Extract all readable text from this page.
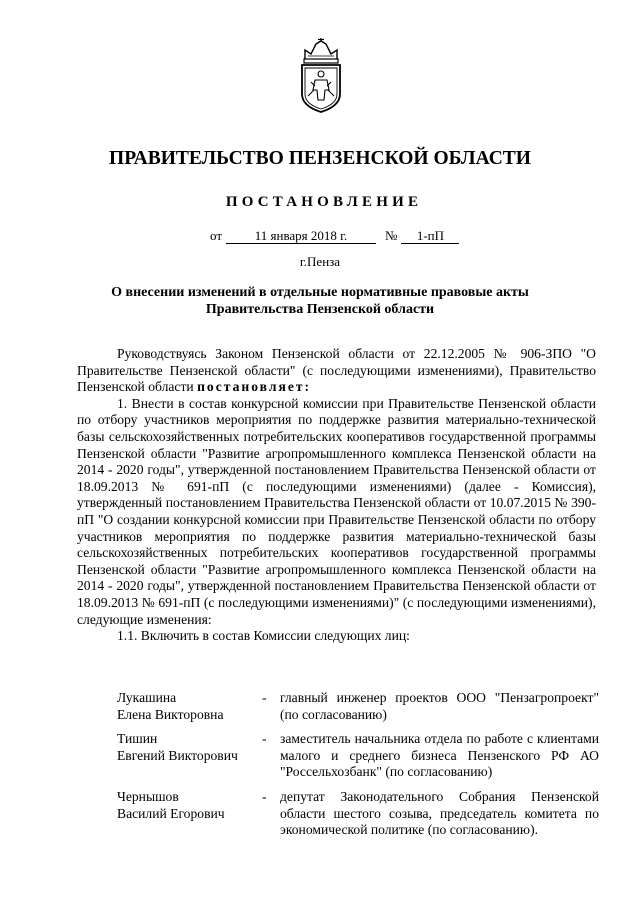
ПРАВИТЕЛЬСТВО ПЕНЗЕНСКОЙ ОБЛАСТИ
ПОСТАНОВЛЕНИЕ
от	11 января 2018 г.	№ 1-пП
г.Пенза
О внесении изменений в отдельные нормативные правовые акты
Правительства Пензенской области

Руководствуясь Законом Пензенской области от 22.12.2005 № 906-ЗПО "О Правительстве Пензенской области" (с последующими изменениями), Правительство Пензенской области постановляет:

1. Внести в состав конкурсной комиссии при Правительстве Пензенской области по отбору участников мероприятия по поддержке развития материально-технической базы сельскохозяйственных потребительских кооперативов государственной программы Пензенской области "Развитие агропромышленного комплекса Пензенской области на 2014 - 2020 годы", утвержденной постановлением Правительства Пензенской области от 18.09.2013 № 691-пП (с последующими изменениями) (далее - Комиссия), утвержденный постановлением Правительства Пензенской области от 10.07.2015 № 390-пП "О создании конкурсной комиссии при Правительстве Пензенской области по отбору участников мероприятия по поддержке развития материально-технической базы сельскохозяйственных потребительских кооперативов государственной программы Пензенской области "Развитие агропромышленного комплекса Пензенской области на 2014 - 2020 годы", утвержденной постановлением Правительства Пензенской области от 18.09.2013 № 691-пП (с последующими изменениями)" (с последующими изменениями), следующие изменения:

1.1. Включить в состав Комиссии следующих лиц:

Лукашина
Елена Викторовна
- главный инженер проектов ООО "Пензагропроект" (по согласованию)
Тишин
Евгений Викторович
- заместитель начальника отдела по работе с клиентами малого и среднего бизнеса Пензенского РФ АО "Россельхозбанк" (по согласованию)
Чернышов
Василий Егорович
- депутат Законодательного Собрания Пензенской области шестого созыва, председатель комитета по экономической политике (по согласованию).
